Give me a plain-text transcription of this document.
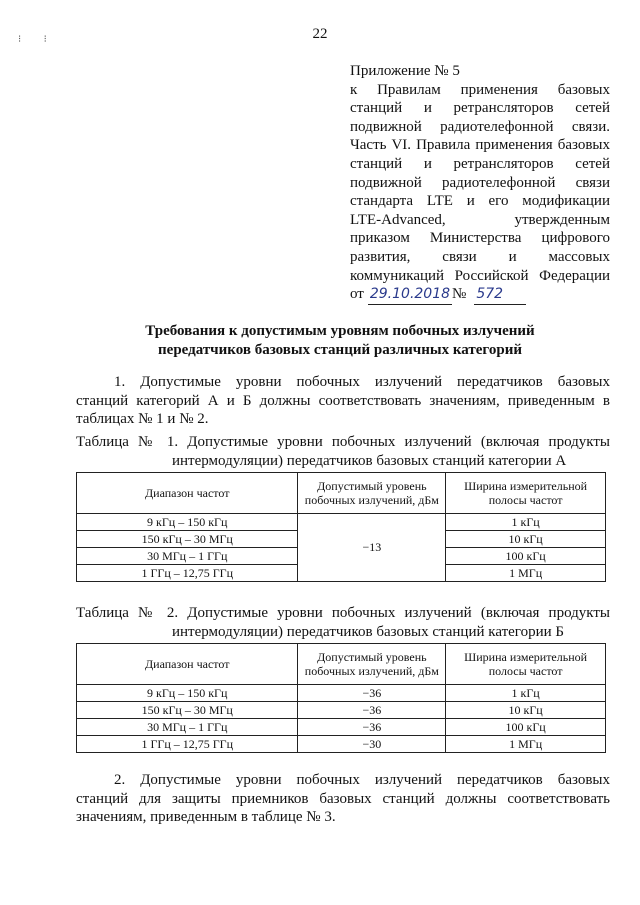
22
⁝ ⁝
Приложение № 5
к Правилам применения базовых
станций и ретрансляторов сетей
подвижной радиотелефонной связи.
Часть VI. Правила применения базовых
станций и ретрансляторов сетей
подвижной радиотелефонной связи
стандарта LTE и его модификации
LTE-Advanced, утвержденным
приказом Министерства цифрового
развития, связи и массовых
коммуникаций Российской Федерации
от 29.10.2018 № 572
Требования к допустимым уровням побочных излучений
передатчиков базовых станций различных категорий
1. Допустимые уровни побочных излучений передатчиков базовых
станций категорий А и Б должны соответствовать значениям, приведенным в таблицах № 1 и № 2.
Таблица № 1. Допустимые уровни побочных излучений (включая продукты
интермодуляции) передатчиков базовых станций категории А
Диапазон частот	Допустимый уровень побочных излучений, дБм	Ширина измерительной полосы частот
9 кГц – 150 кГц	−13	1 кГц
150 кГц – 30 МГц		10 кГц
30 МГц – 1 ГГц		100 кГц
1 ГГц – 12,75 ГГц		1 МГц
Таблица № 2. Допустимые уровни побочных излучений (включая продукты
интермодуляции) передатчиков базовых станций категории Б
Диапазон частот	Допустимый уровень побочных излучений, дБм	Ширина измерительной полосы частот
9 кГц – 150 кГц	−36	1 кГц
150 кГц – 30 МГц	−36	10 кГц
30 МГц – 1 ГГц	−36	100 кГц
1 ГГц – 12,75 ГГц	−30	1 МГц
2. Допустимые уровни побочных излучений передатчиков базовых
станций для защиты приемников базовых станций должны соответствовать значениям, приведенным в таблице № 3.
